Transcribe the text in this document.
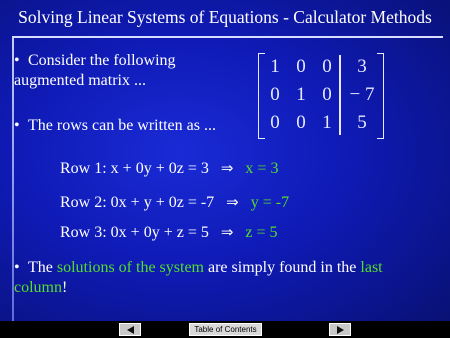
Solving Linear Systems of Equations - Calculator Methods
• Consider the following augmented matrix ...
1 0 0	3
0 1 0 − 7
0 0 1	5
• The rows can be written as ...
Row 1: x + 0y + 0z = 3 ⇒ x = 3
Row 2: 0x + y + 0z = -7 ⇒ y = -7
Row 3: 0x + 0y + z = 5 ⇒ z = 5
• The solutions of the system are simply found in the last column!
Table of Contents
